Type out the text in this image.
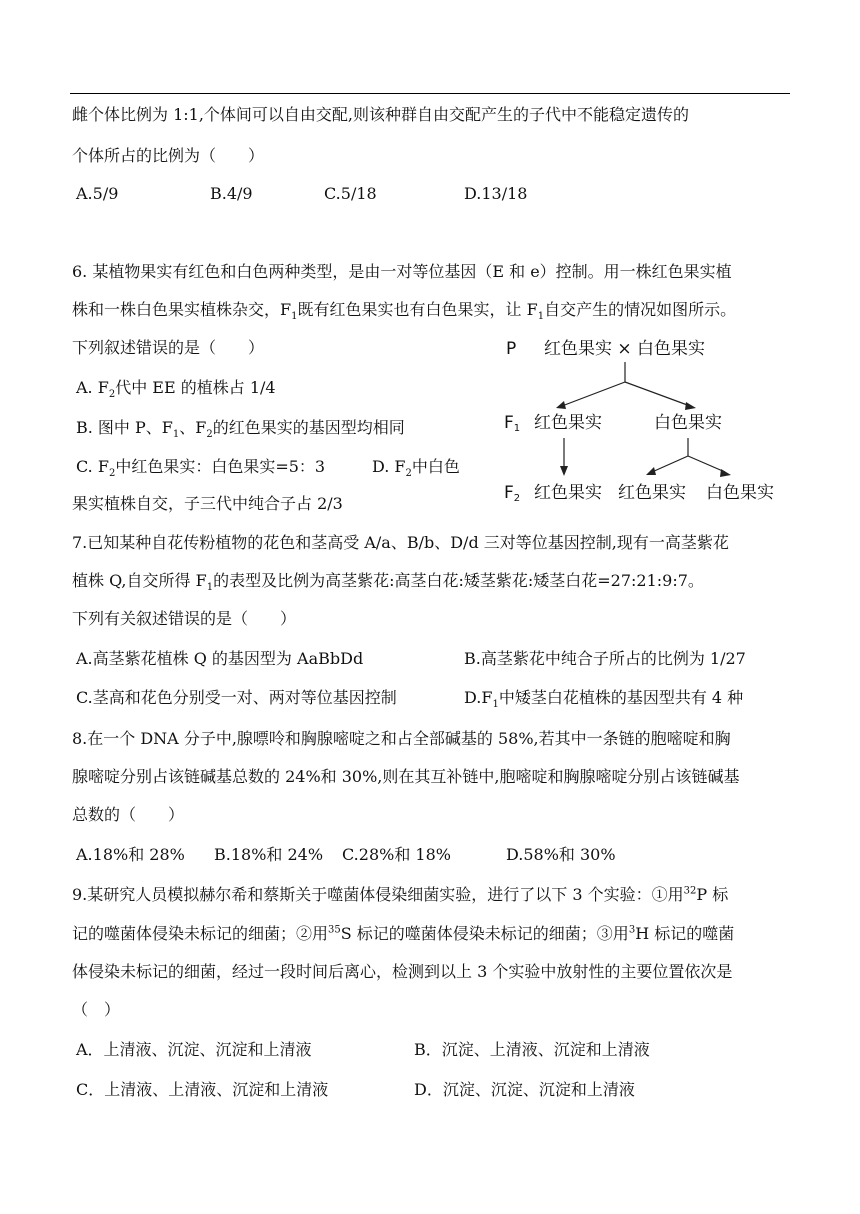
雌个体比例为 1:1,个体间可以自由交配,则该种群自由交配产生的子代中不能稳定遗传的
个体所占的比例为（　　）
A.5/9	B.4/9	C.5/18	D.13/18
6. 某植物果实有红色和白色两种类型，是由一对等位基因（E 和 e）控制。用一株红色果实植
株和一株白色果实植株杂交，$F_1$既有红色果实也有白色果实，让 $F_1$自交产生的情况如图所示。
下列叙述错误的是（　　）
A. $F_2$代中 EE 的植株占 1/4
B. 图中 P、$F_1$、$F_2$的红色果实的基因型均相同
C. $F_2$中红色果实：白色果实=5：3	D. $F_2$中白色
果实植株自交，子三代中纯合子占 2/3
P 红色果实 × 白色果实
F1 红色果实	白色果实
F2 红色果实 红色果实 白色果实
7.已知某种自花传粉植物的花色和茎高受 A/a、B/b、D/d 三对等位基因控制,现有一高茎紫花
植株 Q,自交所得 $F_1$的表型及比例为高茎紫花:高茎白花:矮茎紫花:矮茎白花=27:21:9:7。
下列有关叙述错误的是（　　）
A.高茎紫花植株 Q 的基因型为 AaBbDd	B.高茎紫花中纯合子所占的比例为 1/27
C.茎高和花色分别受一对、两对等位基因控制	$D.F_1$中矮茎白花植株的基因型共有 4 种
8.在一个 DNA 分子中,腺嘌呤和胸腺嘧啶之和占全部碱基的 58%,若其中一条链的胞嘧啶和胸
腺嘧啶分别占该链碱基总数的 24%和 30%,则在其互补链中,胞嘧啶和胸腺嘧啶分别占该链碱基
总数的（　　）
A.18%和 28% B.18%和 24% C.28%和 18%	D.58%和 30%
9.某研究人员模拟赫尔希和蔡斯关于噬菌体侵染细菌实验，进行了以下 3 个实验：①用$^{32}$P 标
记的噬菌体侵染未标记的细菌；②用$^{35}$S 标记的噬菌体侵染未标记的细菌；③用$^3$H 标记的噬菌
体侵染未标记的细菌，经过一段时间后离心，检测到以上 3 个实验中放射性的主要位置依次是
（　）
A．上清液、沉淀、沉淀和上清液	B．沉淀、上清液、沉淀和上清液
C．上清液、上清液、沉淀和上清液	D．沉淀、沉淀、沉淀和上清液
